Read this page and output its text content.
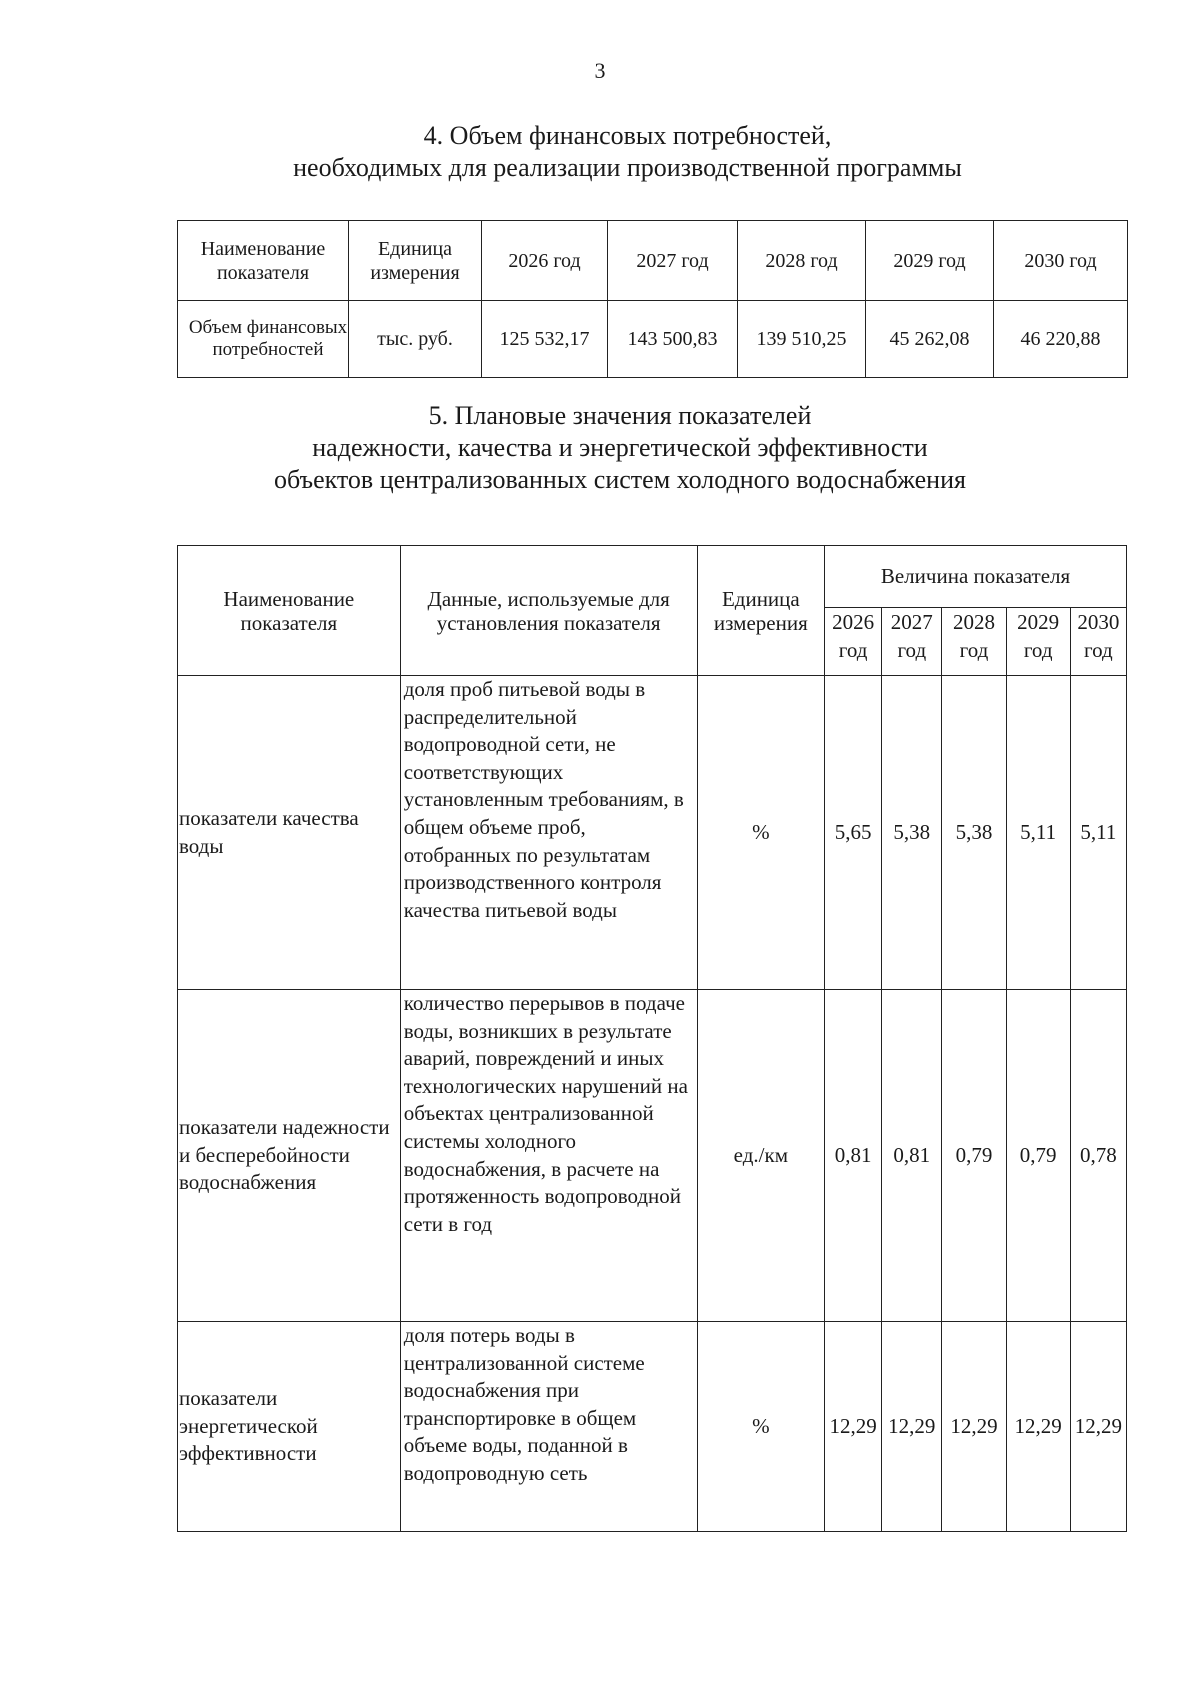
3
4. Объем финансовых потребностей,
необходимых для реализации производственной программы
Наименование показателя	Единица измерения	2026 год	2027 год	2028 год	2029 год	2030 год
Объем финансовых потребностей	тыс. руб.	125 532,17	143 500,83	139 510,25	45 262,08	46 220,88
5. Плановые значения показателей
надежности, качества и энергетической эффективности
объектов централизованных систем холодного водоснабжения
Наименование показателя	Данные, используемые для установления показателя	Единица измерения	Величина показателя				
			2026 год	2027 год	2028 год	2029 год	2030 год
показатели качества воды	доля проб питьевой воды в распределительной водопроводной сети, не соответствующих установленным требованиям, в общем объеме проб, отобранных по результатам производственного контроля качества питьевой воды	%	5,65	5,38	5,38	5,11	5,11
показатели надежности и бесперебойности водоснабжения	количество перерывов в подаче воды, возникших в результате аварий, повреждений и иных технологических нарушений на объектах централизованной системы холодного водоснабжения, в расчете на протяженность водопроводной сети в год	ед./км	0,81	0,81	0,79	0,79	0,78
показатели энергетической эффективности	доля потерь воды в централизованной системе водоснабжения при транспортировке в общем объеме воды, поданной в водопроводную сеть	%	12,29	12,29	12,29	12,29	12,29
